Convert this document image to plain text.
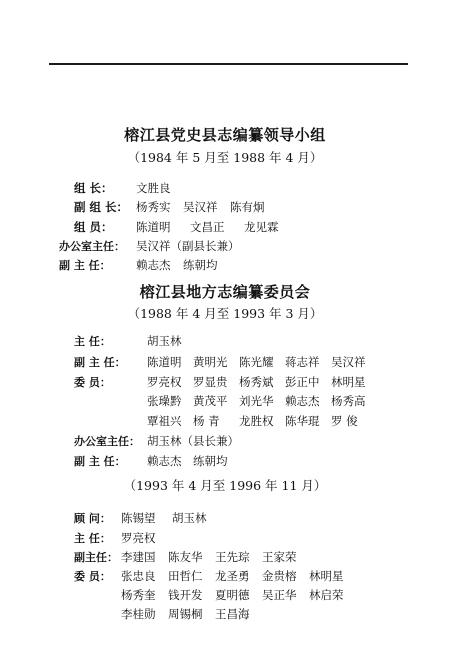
榕江县党史县志编纂领导小组
（1984 年 5 月至 1988 年 4 月）
组 长： 文胜良
副 组 长： 杨秀实 吴汉祥 陈有炯
组 员： 陈道明 文昌正 龙见霖
办公室主任： 吴汉祥（副县长兼）
副 主 任： 赖志杰 练朝均
榕江县地方志编纂委员会
（1988 年 4 月至 1993 年 3 月）
主 任：	胡玉林
副 主 任： 陈道明 黄明光 陈光耀 蒋志祥 吴汉祥
委 员：	罗亮权 罗显贵 杨秀斌 彭正中 林明星
张璪黔 黄茂平 刘光华 赖志杰 杨秀高
覃祖兴 杨 青 龙胜权 陈华琨 罗 俊
办公室主任： 胡玉林（县长兼）
副 主 任： 赖志杰 练朝均
（1993 年 4 月至 1996 年 11 月）
顾 问： 陈锡望 胡玉林
主 任： 罗亮权
副主任： 李建国 陈友华 王先琮 王家荣
委 员： 张忠良 田哲仁 龙圣勇 金贵榕 林明星
杨秀奎 钱开发 夏明德 吴正华 林启荣
李桂勋 周锡桐 王昌海
